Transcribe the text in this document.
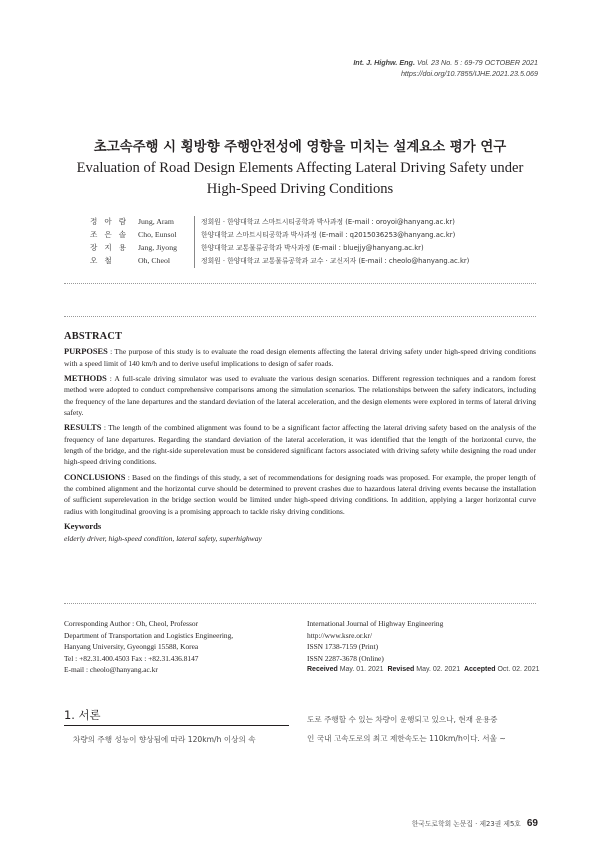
Int. J. Highw. Eng. Vol. 23 No. 5 : 69-79 OCTOBER 2021
https://doi.org/10.7855/IJHE.2021.23.5.069
초고속주행 시 횡방향 주행안전성에 영향을 미치는 설계요소 평가 연구
Evaluation of Road Design Elements Affecting Lateral Driving Safety under
High-Speed Driving Conditions
정 아 람	Jung, Aram	정회원 · 한양대학교 스마트시티공학과 박사과정 (E-mail : oroyoi@hanyang.ac.kr)
조 은 솔	Cho, Eunsol	한양대학교 스마트시티공학과 박사과정 (E-mail : q2015036253@hanyang.ac.kr)
장 지 용	Jang, Jiyong	한양대학교 교통물류공학과 박사과정 (E-mail : bluejjy@hanyang.ac.kr)
오 철	Oh, Cheol	정회원 · 한양대학교 교통물류공학과 교수 · 교신저자 (E-mail : cheolo@hanyang.ac.kr)
ABSTRACT
PURPOSES : The purpose of this study is to evaluate the road design elements affecting the lateral driving safety under high-speed driving conditions with a speed limit of 140 km/h and to derive useful implications to design of safer roads.
METHODS : A full-scale driving simulator was used to evaluate the various design scenarios. Different regression techniques and a random forest method were adopted to conduct comprehensive comparisons among the simulation scenarios. The relationships between the safety indicators, including the frequency of the lane departures and the standard deviation of the lateral acceleration, and the design elements were explored in terms of lateral driving safety.
RESULTS : The length of the combined alignment was found to be a significant factor affecting the lateral driving safety based on the analysis of the frequency of lane departures. Regarding the standard deviation of the lateral acceleration, it was identified that the length of the horizontal curve, the length of the bridge, and the right-side superelevation must be considered significant factors associated with driving safety while designing the road under high-speed driving conditions.
CONCLUSIONS : Based on the findings of this study, a set of recommendations for designing roads was proposed. For example, the proper length of the combined alignment and the horizontal curve should be determined to prevent crashes due to hazardous lateral driving events because the installation of sufficient superelevation in the bridge section would be limited under high-speed driving conditions. In addition, applying a larger horizontal curve radius with longitudinal grooving is a promising approach to tackle risky driving conditions.
Keywords
elderly driver, high-speed condition, lateral safety, superhighway
Corresponding Author : Oh, Cheol, Professor
Department of Transportation and Logistics Engineering,
Hanyang University, Gyeonggi 15588, Korea
Tel : +82.31.400.4503 Fax : +82.31.436.8147
E-mail : cheolo@hanyang.ac.kr
International Journal of Highway Engineering
http://www.ksre.or.kr/
ISSN 1738-7159 (Print)
ISSN 2287-3678 (Online)
Received May. 01. 2021 Revised May. 02. 2021 Accepted Oct. 02. 2021
1. 서론
차량의 주행 성능이 향상됨에 따라 120km/h 이상의 속
도로 주행할 수 있는 차량이 운행되고 있으나, 현재 운용중
인 국내 고속도로의 최고 제한속도는 110km/h이다. 서울 ~
한국도로학회 논문집 · 제23권 제5호 69
